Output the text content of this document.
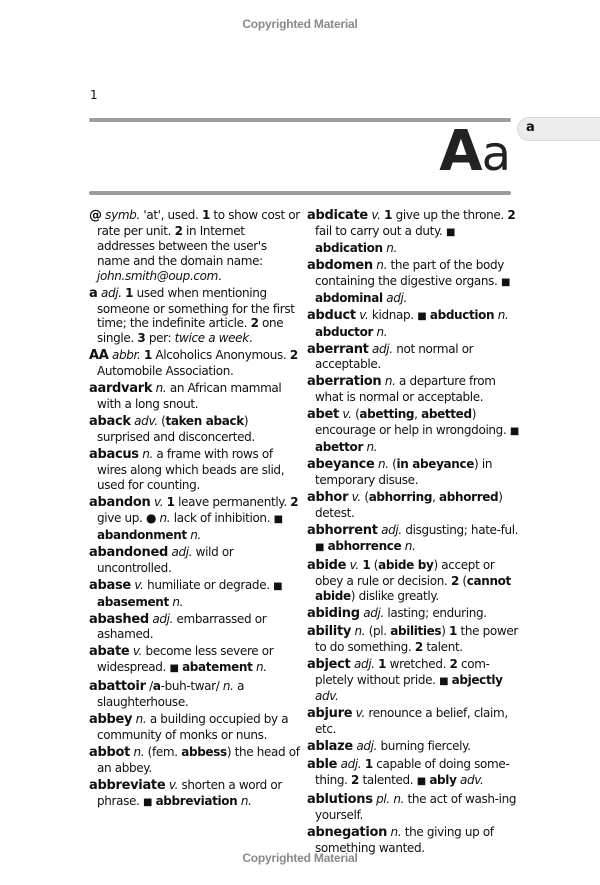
Copyrighted Material
1
Aa a
@ symb. 'at', used. 1 to show cost or rate per unit. 2 in Internet addresses between the user's name and the domain name: john.smith@oup.com.
a adj. 1 used when mentioning someone or something for the first time; the indefinite article. 2 one single. 3 per: twice a week.
AA abbr. 1 Alcoholics Anonymous. 2 Automobile Association.
aardvark n. an African mammal with a long snout.
aback adv. (taken aback) surprised and disconcerted.
abacus n. a frame with rows of wires along which beads are slid, used for counting.
abandon v. 1 leave permanently. 2 give up. ● n. lack of inhibition. ■ abandonment n.
abandoned adj. wild or uncontrolled.
abase v. humiliate or degrade. ■ abasement n.
abashed adj. embarrassed or ashamed.
abate v. become less severe or widespread. ■ abatement n.
abattoir /a-buh-twar/ n. a slaughterhouse.
abbey n. a building occupied by a community of monks or nuns.
abbot n. (fem. abbess) the head of an abbey.
abbreviate v. shorten a word or phrase. ■ abbreviation n.
abdicate v. 1 give up the throne. 2 fail to carry out a duty. ■ abdication n.
abdomen n. the part of the body containing the digestive organs. ■ abdominal adj.
abduct v. kidnap. ■ abduction n. abductor n.
aberrant adj. not normal or acceptable.
aberration n. a departure from what is normal or acceptable.
abet v. (abetting, abetted) encourage or help in wrongdoing. ■ abettor n.
abeyance n. (in abeyance) in temporary disuse.
abhor v. (abhorring, abhorred) detest.
abhorrent adj. disgusting; hate-ful. ■ abhorrence n.
abide v. 1 (abide by) accept or obey a rule or decision. 2 (cannot abide) dislike greatly.
abiding adj. lasting; enduring.
ability n. (pl. abilities) 1 the power to do something. 2 talent.
abject adj. 1 wretched. 2 com-pletely without pride. ■ abjectly adv.
abjure v. renounce a belief, claim, etc.
ablaze adj. burning fiercely.
able adj. 1 capable of doing some-thing. 2 talented. ■ ably adv.
ablutions pl. n. the act of wash-ing yourself.
abnegation n. the giving up of something wanted.
Copyrighted Material
